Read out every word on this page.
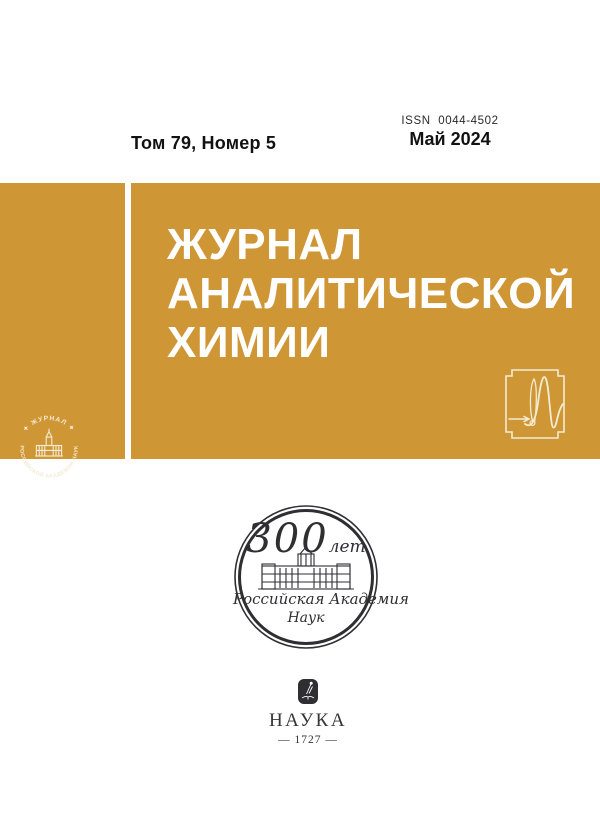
Том 79, Номер 5
ISSN  0044-4502
Май 2024
✦ ЖУРНАЛ ✦
РОССИЙСКОЙ АКАДЕМИИ НАУК
ЖУРНАЛ
АНАЛИТИЧЕСКОЙ
ХИМИИ
300лет
Российская Академия
Наук
НАУКА
— 1727 —
